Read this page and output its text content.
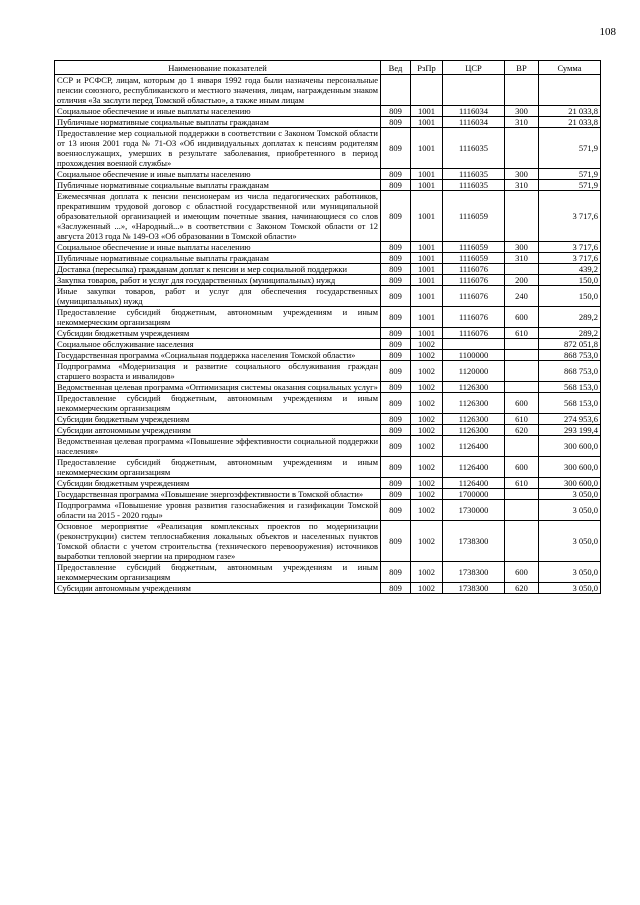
108
Наименование показателей	Вед	РзПр	ЦСР	ВР	Сумма
ССР и РСФСР, лицам, которым до 1 января 1992 года были назначены персональные пенсии союзного, республиканского и местного значения, лицам, награжденным знаком отличия «За заслуги перед Томской областью», а также иным лицам					
Социальное обеспечение и иные выплаты населению	809	1001	1116034	300	21 033,8
Публичные нормативные социальные выплаты гражданам	809	1001	1116034	310	21 033,8
Предоставление мер социальной поддержки в соответствии с Законом Томской области от 13 июня 2001 года № 71-ОЗ «Об индивидуальных доплатах к пенсиям родителям военнослужащих, умерших в результате заболевания, приобретенного в период прохождения военной службы»	809	1001	1116035		571,9
Социальное обеспечение и иные выплаты населению	809	1001	1116035	300	571,9
Публичные нормативные социальные выплаты гражданам	809	1001	1116035	310	571,9
Ежемесячная доплата к пенсии пенсионерам из числа педагогических работников, прекратившим трудовой договор с областной государственной или муниципальной образовательной организацией и имеющим почетные звания, начинающиеся со слов «Заслуженный ...», «Народный...» в соответствии с Законом Томской области от 12 августа 2013 года № 149-ОЗ «Об образовании в Томской области»	809	1001	1116059		3 717,6
Социальное обеспечение и иные выплаты населению	809	1001	1116059	300	3 717,6
Публичные нормативные социальные выплаты гражданам	809	1001	1116059	310	3 717,6
Доставка (пересылка) гражданам доплат к пенсии и мер социальной поддержки	809	1001	1116076		439,2
Закупка товаров, работ и услуг для государственных (муниципальных) нужд	809	1001	1116076	200	150,0
Иные закупки товаров, работ и услуг для обеспечения государственных (муниципальных) нужд	809	1001	1116076	240	150,0
Предоставление субсидий бюджетным, автономным учреждениям и иным некоммерческим организациям	809	1001	1116076	600	289,2
Субсидии бюджетным учреждениям	809	1001	1116076	610	289,2
Социальное обслуживание населения	809	1002			872 051,8
Государственная программа «Социальная поддержка населения Томской области»	809	1002	1100000		868 753,0
Подпрограмма «Модернизация и развитие социального обслуживания граждан старшего возраста и инвалидов»	809	1002	1120000		868 753,0
Ведомственная целевая программа «Оптимизация системы оказания социальных услуг»	809	1002	1126300		568 153,0
Предоставление субсидий бюджетным, автономным учреждениям и иным некоммерческим организациям	809	1002	1126300	600	568 153,0
Субсидии бюджетным учреждениям	809	1002	1126300	610	274 953,6
Субсидии автономным учреждениям	809	1002	1126300	620	293 199,4
Ведомственная целевая программа «Повышение эффективности социальной поддержки населения»	809	1002	1126400		300 600,0
Предоставление субсидий бюджетным, автономным учреждениям и иным некоммерческим организациям	809	1002	1126400	600	300 600,0
Субсидии бюджетным учреждениям	809	1002	1126400	610	300 600,0
Государственная программа «Повышение энергоэффективности в Томской области»	809	1002	1700000		3 050,0
Подпрограмма «Повышение уровня развития газоснабжения и газификации Томской области на 2015 - 2020 годы»	809	1002	1730000		3 050,0
Основное мероприятие «Реализация комплексных проектов по модернизации (реконструкции) систем теплоснабжения локальных объектов и населенных пунктов Томской области с учетом строительства (технического перевооружения) источников выработки тепловой энергии на природном газе»	809	1002	1738300		3 050,0
Предоставление субсидий бюджетным, автономным учреждениям и иным некоммерческим организациям	809	1002	1738300	600	3 050,0
Субсидии автономным учреждениям	809	1002	1738300	620	3 050,0
